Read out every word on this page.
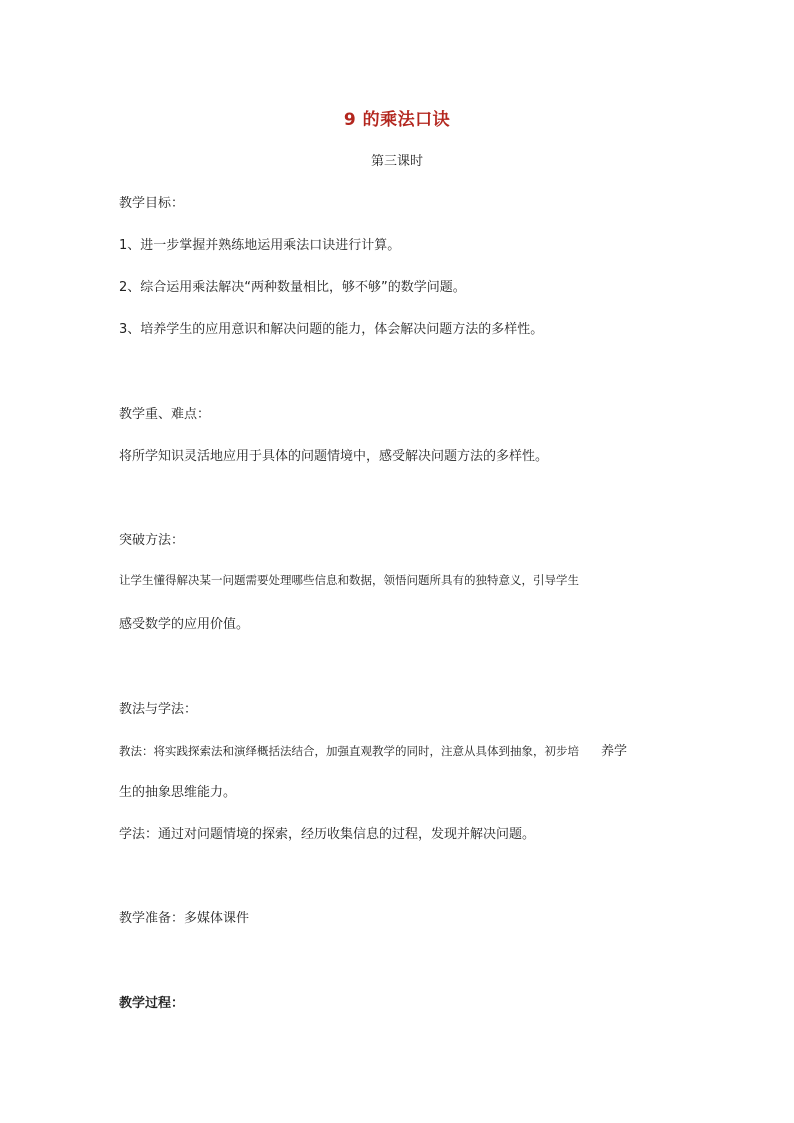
9 的乘法口诀
第三课时
教学目标：
1、进一步掌握并熟练地运用乘法口诀进行计算。
2、综合运用乘法解决“两种数量相比，够不够”的数学问题。
3、培养学生的应用意识和解决问题的能力，体会解决问题方法的多样性。
教学重、难点：
将所学知识灵活地应用于具体的问题情境中，感受解决问题方法的多样性。
突破方法：
让学生懂得解决某一问题需要处理哪些信息和数据，领悟问题所具有的独特意义，引导学生
感受数学的应用价值。
教法与学法：
教法：将实践探索法和演绎概括法结合，加强直观教学的同时，注意从具体到抽象，初步培 养学
生的抽象思维能力。
学法：通过对问题情境的探索，经历收集信息的过程，发现并解决问题。
教学准备：多媒体课件
教学过程：
